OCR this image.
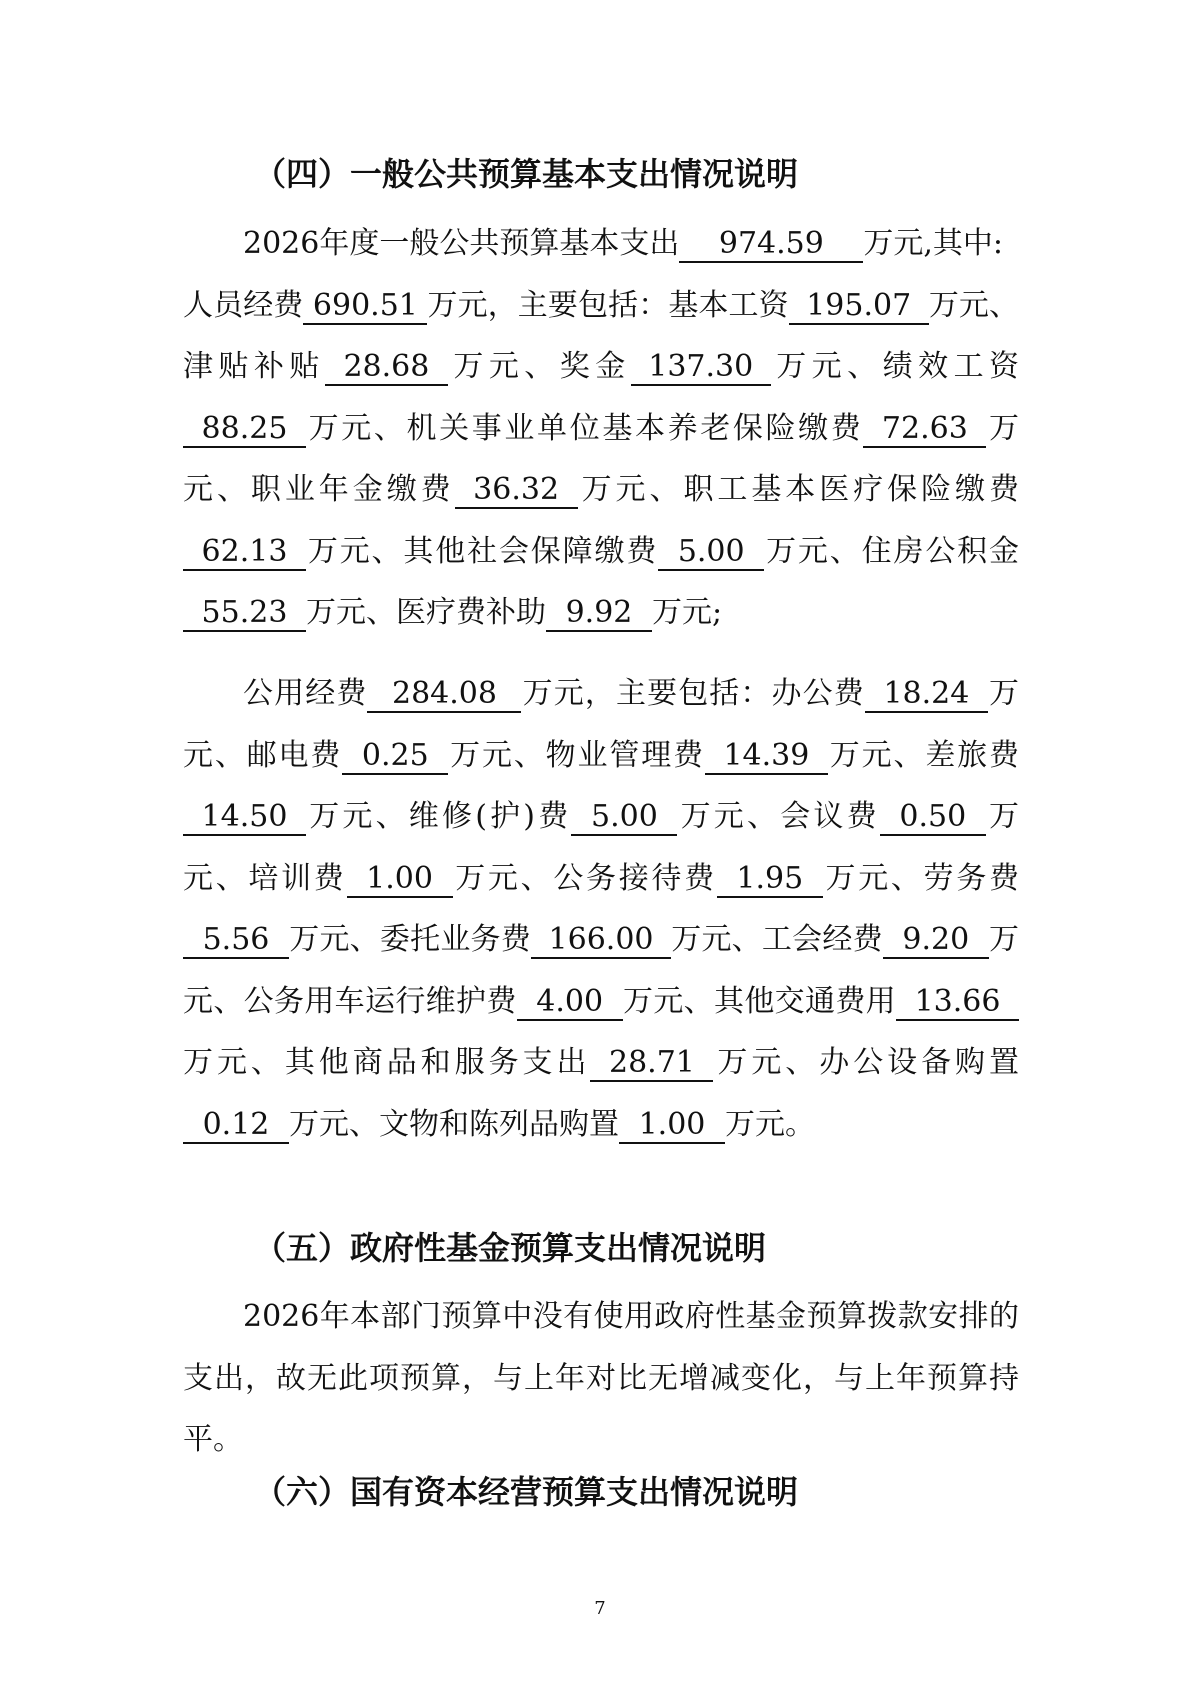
（四）一般公共预算基本支出情况说明

2026年度一般公共预算基本支出 974.59 万元,其中:
人员经费 690.51 万元，主要包括：基本工资 195.07 万元、津贴补贴 28.68 万元、奖金 137.30 万元、绩效工资88.25 万元、机关事业单位基本养老保险缴费 72.63 万元、职业年金缴费 36.32 万元、职工基本医疗保险缴费62.13 万元、其他社会保障缴费 5.00 万元、住房公积金55.23 万元、医疗费补助 9.92 万元;

公用经费 284.08 万元，主要包括：办公费 18.24 万元、邮电费 0.25 万元、物业管理费 14.39 万元、差旅费14.50 万元、维修(护)费 5.00 万元、会议费 0.50 万元、培训费 1.00 万元、公务接待费 1.95 万元、劳务费5.56 万元、委托业务费 166.00 万元、工会经费 9.20 万元、公务用车运行维护费 4.00 万元、其他交通费用 13.66万元、其他商品和服务支出 28.71 万元、办公设备购置0.12 万元、文物和陈列品购置 1.00 万元。

（五）政府性基金预算支出情况说明

2026年本部门预算中没有使用政府性基金预算拨款安排的支出，故无此项预算，与上年对比无增减变化，与上年预算持平。

（六）国有资本经营预算支出情况说明
7
